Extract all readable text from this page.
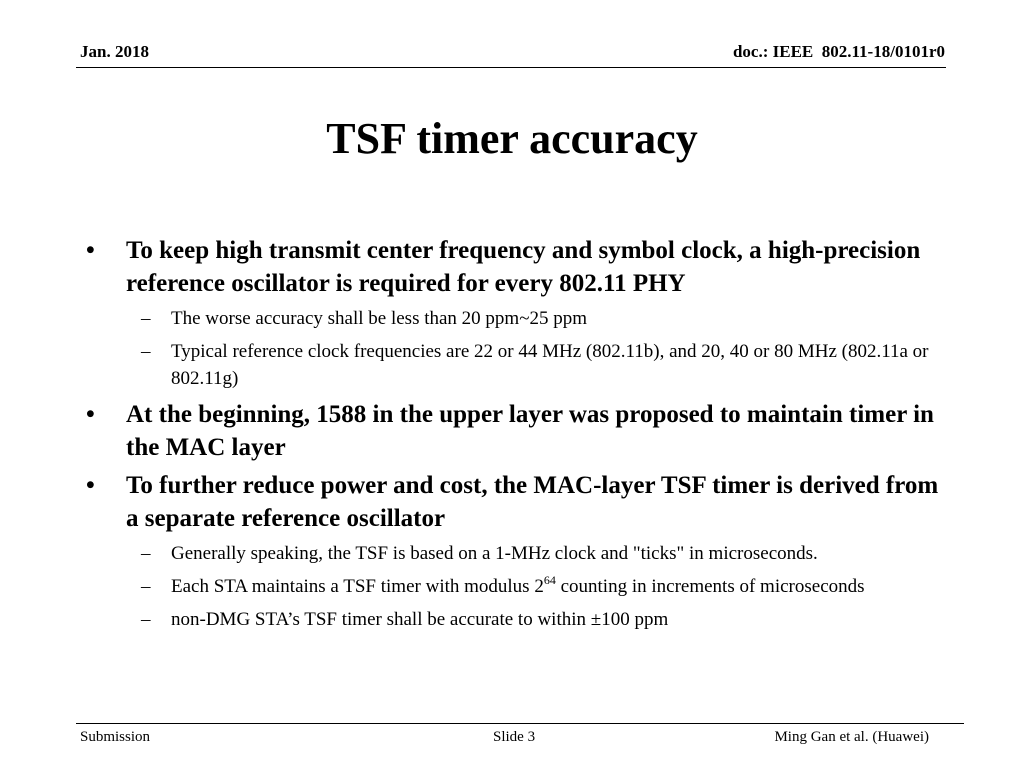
Jan. 2018	doc.: IEEE  802.11-18/0101r0
TSF timer accuracy
• To keep high transmit center frequency and symbol clock, a high-precision reference oscillator is required for every 802.11 PHY
– The worse accuracy shall be less than 20 ppm~25 ppm
– Typical reference clock frequencies are 22 or 44 MHz (802.11b), and 20, 40 or 80 MHz (802.11a or 802.11g)
• At the beginning, 1588 in the upper layer was proposed to maintain timer in the MAC layer
• To further reduce power and cost, the MAC-layer TSF timer is derived from a separate reference oscillator
– Generally speaking, the TSF is based on a 1-MHz clock and "ticks" in microseconds.
– Each STA maintains a TSF timer with modulus $2^{64}$ counting in increments of microseconds
– non-DMG STA’s TSF timer shall be accurate to within ±100 ppm
Submission	Slide 3	Ming Gan et al. (Huawei)
